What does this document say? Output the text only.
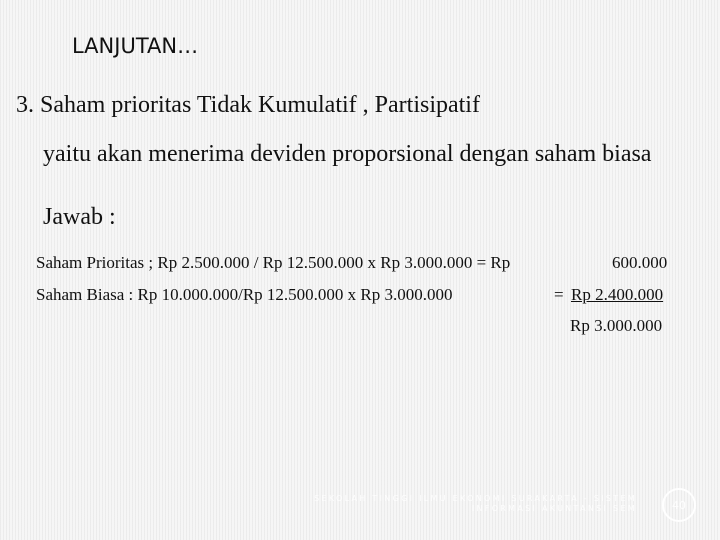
LANJUTAN…
3. Saham prioritas Tidak Kumulatif , Partisipatif
yaitu akan menerima deviden proporsional dengan saham biasa
Jawab :
Saham Prioritas ; Rp 2.500.000 / Rp 12.500.000 x Rp 3.000.000 = Rp	600.000
Saham Biasa : Rp 10.000.000/Rp 12.500.000 x Rp 3.000.000	= Rp 2.400.000
Rp 3.000.000
SEKOLAH TINGGI ILMU EKONOMI SURAKARTA - SISTEM INFORMASI AKUNTANSI SEM	40
